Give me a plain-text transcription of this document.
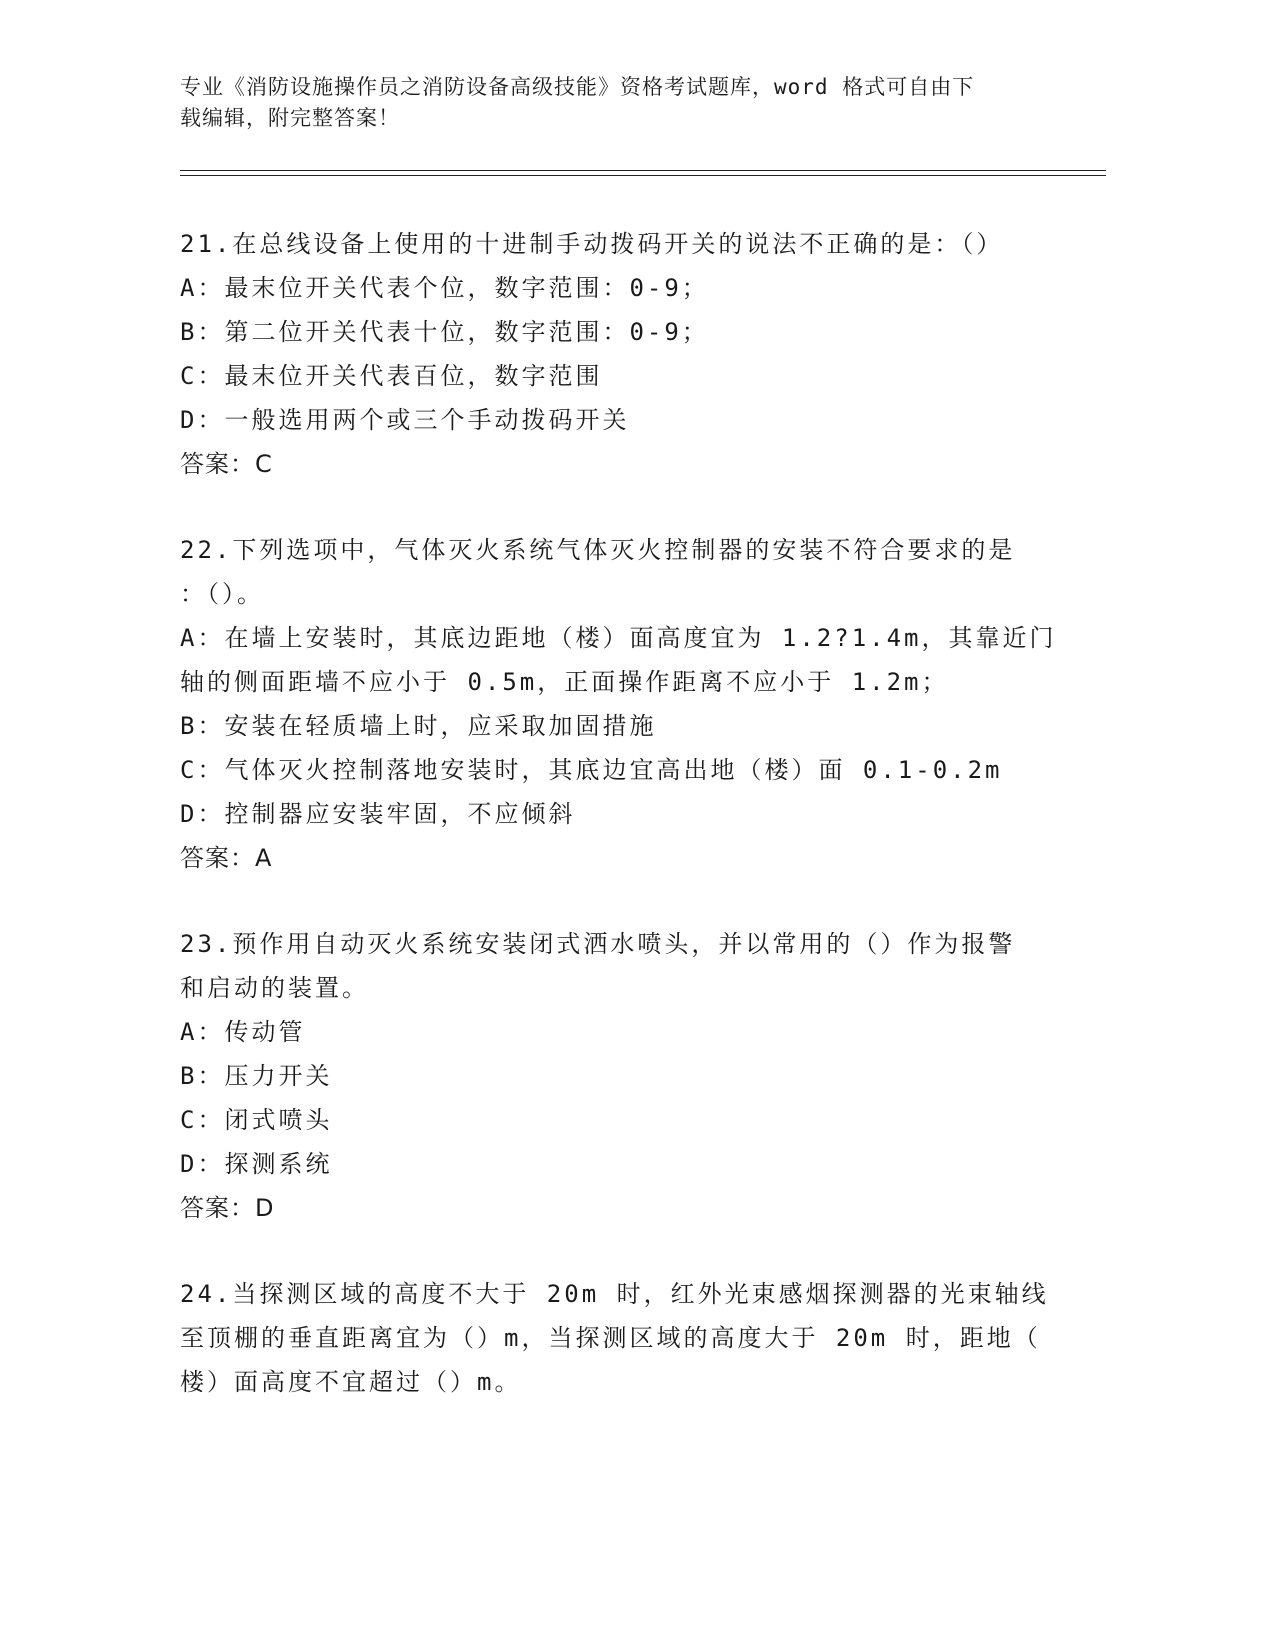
专业《消防设施操作员之消防设备高级技能》资格考试题库，word 格式可自由下
载编辑，附完整答案！
21.在总线设备上使用的十进制手动拨码开关的说法不正确的是：（）
A：最末位开关代表个位，数字范围：0-9；
B：第二位开关代表十位，数字范围：0-9；
C：最末位开关代表百位，数字范围
D：一般选用两个或三个手动拨码开关
答案：C
22.下列选项中，气体灭火系统气体灭火控制器的安装不符合要求的是
：（）。
A：在墙上安装时，其底边距地（楼）面高度宜为 1.2?1.4m，其靠近门
轴的侧面距墙不应小于 0.5m，正面操作距离不应小于 1.2m；
B：安装在轻质墙上时，应采取加固措施
C：气体灭火控制落地安装时，其底边宜高出地（楼）面 0.1-0.2m
D：控制器应安装牢固，不应倾斜
答案：A
23.预作用自动灭火系统安装闭式洒水喷头，并以常用的（）作为报警
和启动的装置。
A：传动管
B：压力开关
C：闭式喷头
D：探测系统
答案：D
24.当探测区域的高度不大于 20m 时，红外光束感烟探测器的光束轴线
至顶棚的垂直距离宜为（）m，当探测区域的高度大于 20m 时，距地（
楼）面高度不宜超过（）m。
